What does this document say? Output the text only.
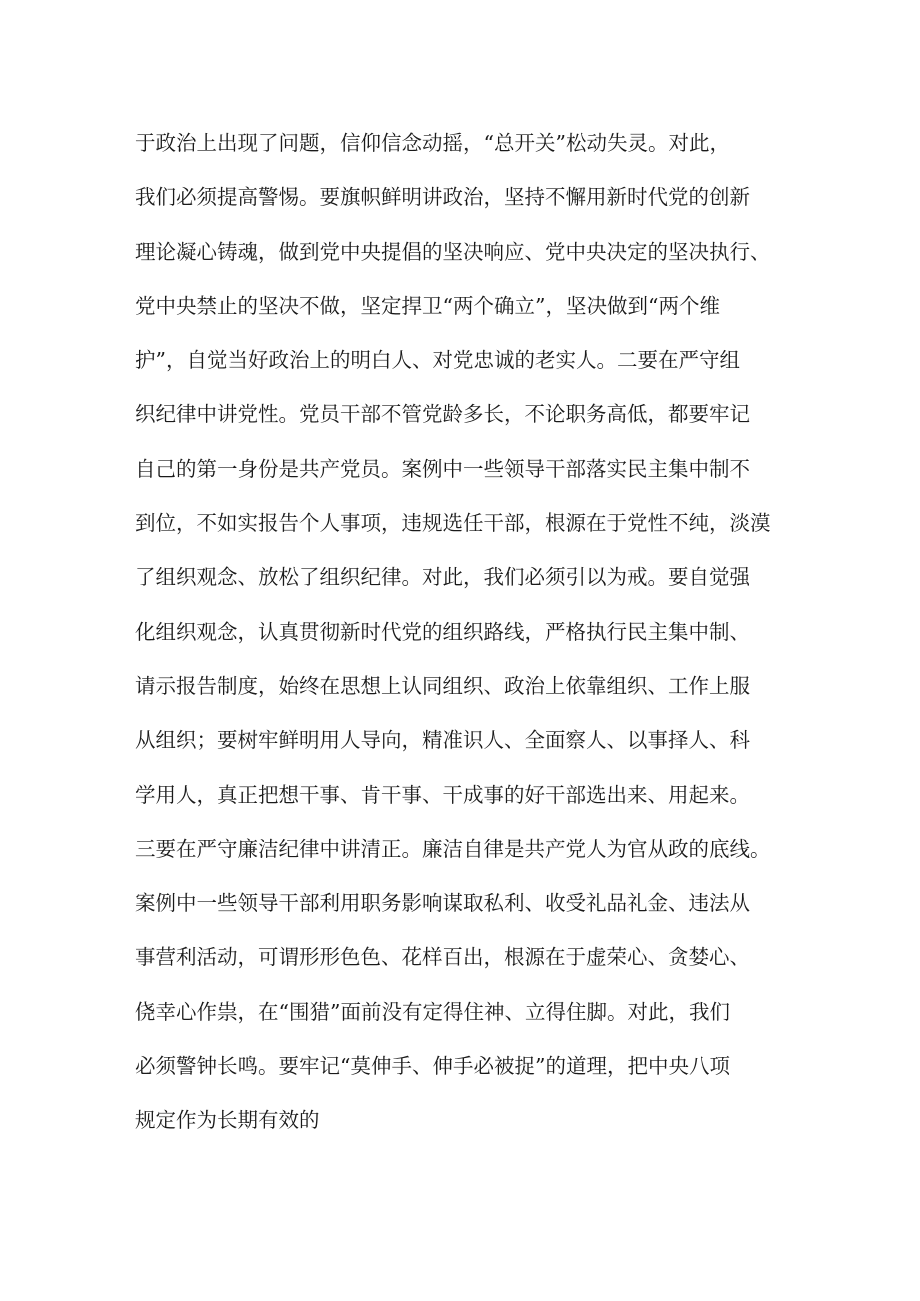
于政治上出现了问题，信仰信念动摇，“总开关”松动失灵。对此，
我们必须提高警惕。要旗帜鲜明讲政治，坚持不懈用新时代党的创新
理论凝心铸魂，做到党中央提倡的坚决响应、党中央决定的坚决执行、
党中央禁止的坚决不做，坚定捍卫“两个确立”，坚决做到“两个维
护”，自觉当好政治上的明白人、对党忠诚的老实人。二要在严守组
织纪律中讲党性。党员干部不管党龄多长，不论职务高低，都要牢记
自己的第一身份是共产党员。案例中一些领导干部落实民主集中制不
到位，不如实报告个人事项，违规选任干部，根源在于党性不纯，淡漠
了组织观念、放松了组织纪律。对此，我们必须引以为戒。要自觉强
化组织观念，认真贯彻新时代党的组织路线，严格执行民主集中制、
请示报告制度，始终在思想上认同组织、政治上依靠组织、工作上服
从组织；要树牢鲜明用人导向，精准识人、全面察人、以事择人、科
学用人，真正把想干事、肯干事、干成事的好干部选出来、用起来。
三要在严守廉洁纪律中讲清正。廉洁自律是共产党人为官从政的底线。
案例中一些领导干部利用职务影响谋取私利、收受礼品礼金、违法从
事营利活动，可谓形形色色、花样百出，根源在于虚荣心、贪婪心、
侥幸心作祟，在“围猎”面前没有定得住神、立得住脚。对此，我们
必须警钟长鸣。要牢记“莫伸手、伸手必被捉”的道理，把中央八项
规定作为长期有效的
